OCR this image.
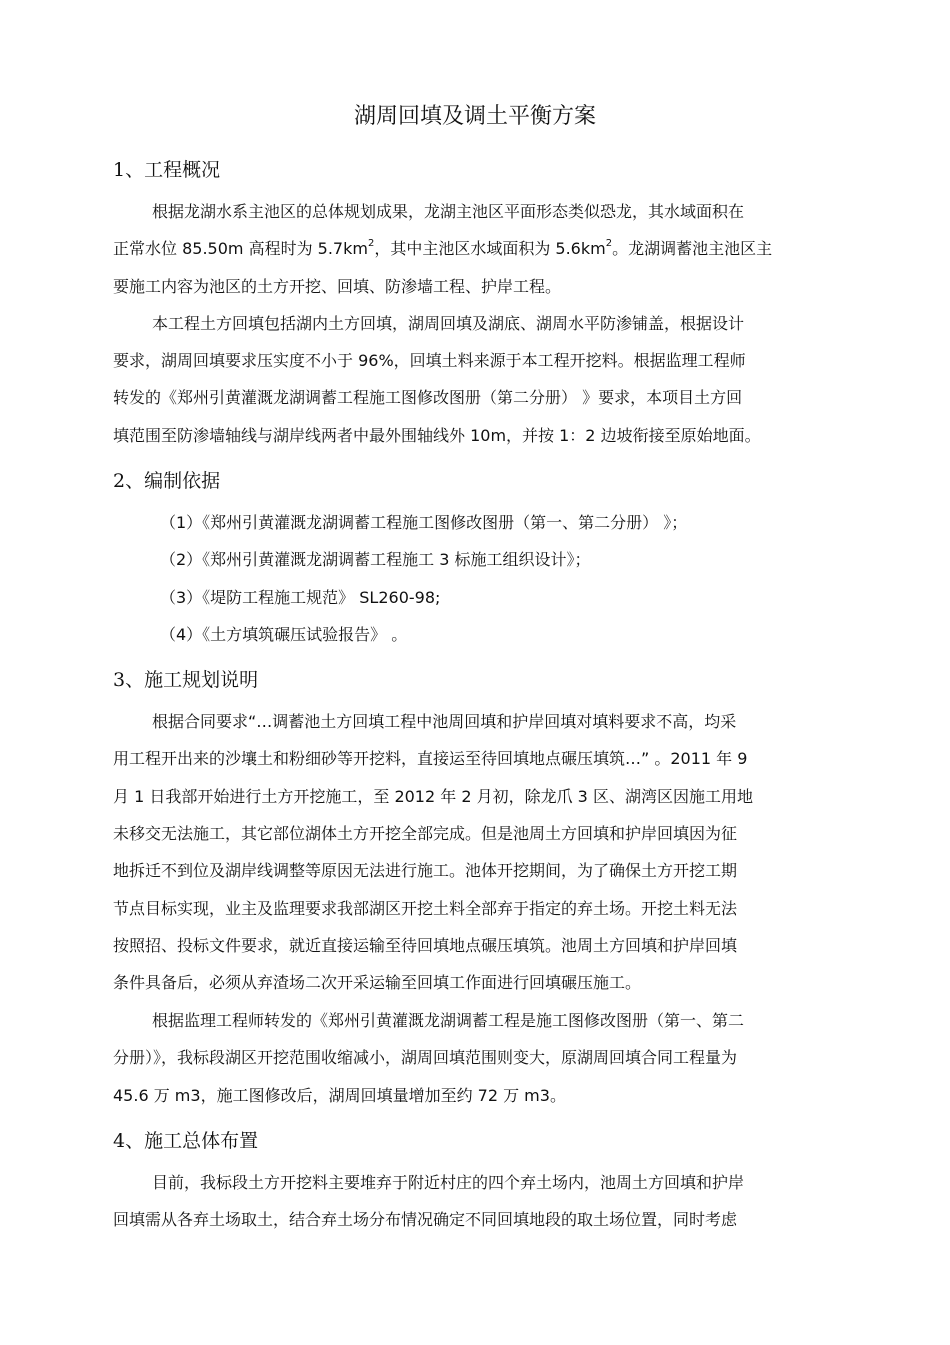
湖周回填及调土平衡方案
1、工程概况
根据龙湖水系主池区的总体规划成果，龙湖主池区平面形态类似恐龙，其水域面积在
正常水位 85.50m 高程时为 $5.7km^2$，其中主池区水域面积为 $5.6km^2$。龙湖调蓄池主池区主
要施工内容为池区的土方开挖、回填、防渗墙工程、护岸工程。
本工程土方回填包括湖内土方回填，湖周回填及湖底、湖周水平防渗铺盖，根据设计
要求，湖周回填要求压实度不小于 96%，回填土料来源于本工程开挖料。根据监理工程师
转发的《郑州引黄灌溉龙湖调蓄工程施工图修改图册（第二分册） 》要求，本项目土方回
填范围至防渗墙轴线与湖岸线两者中最外围轴线外 10m，并按 1：2 边坡衔接至原始地面。
2、编制依据
（1）《郑州引黄灌溉龙湖调蓄工程施工图修改图册（第一、第二分册） 》；
（2）《郑州引黄灌溉龙湖调蓄工程施工 3 标施工组织设计》；
（3）《堤防工程施工规范》 SL260-98;
（4）《土方填筑碾压试验报告》 。
3、施工规划说明
根据合同要求“…调蓄池土方回填工程中池周回填和护岸回填对填料要求不高，均采
用工程开出来的沙壤土和粉细砂等开挖料，直接运至待回填地点碾压填筑…” 。2011 年 9
月 1 日我部开始进行土方开挖施工，至 2012 年 2 月初，除龙爪 3 区、湖湾区因施工用地
未移交无法施工，其它部位湖体土方开挖全部完成。但是池周土方回填和护岸回填因为征
地拆迁不到位及湖岸线调整等原因无法进行施工。池体开挖期间，为了确保土方开挖工期
节点目标实现，业主及监理要求我部湖区开挖土料全部弃于指定的弃土场。开挖土料无法
按照招、投标文件要求，就近直接运输至待回填地点碾压填筑。池周土方回填和护岸回填
条件具备后，必须从弃渣场二次开采运输至回填工作面进行回填碾压施工。
根据监理工程师转发的《郑州引黄灌溉龙湖调蓄工程是施工图修改图册（第一、第二
分册）》，我标段湖区开挖范围收缩减小，湖周回填范围则变大，原湖周回填合同工程量为
45.6 万 m3，施工图修改后，湖周回填量增加至约 72 万 m3。
4、施工总体布置
目前，我标段土方开挖料主要堆弃于附近村庄的四个弃土场内，池周土方回填和护岸
回填需从各弃土场取土，结合弃土场分布情况确定不同回填地段的取土场位置，同时考虑
